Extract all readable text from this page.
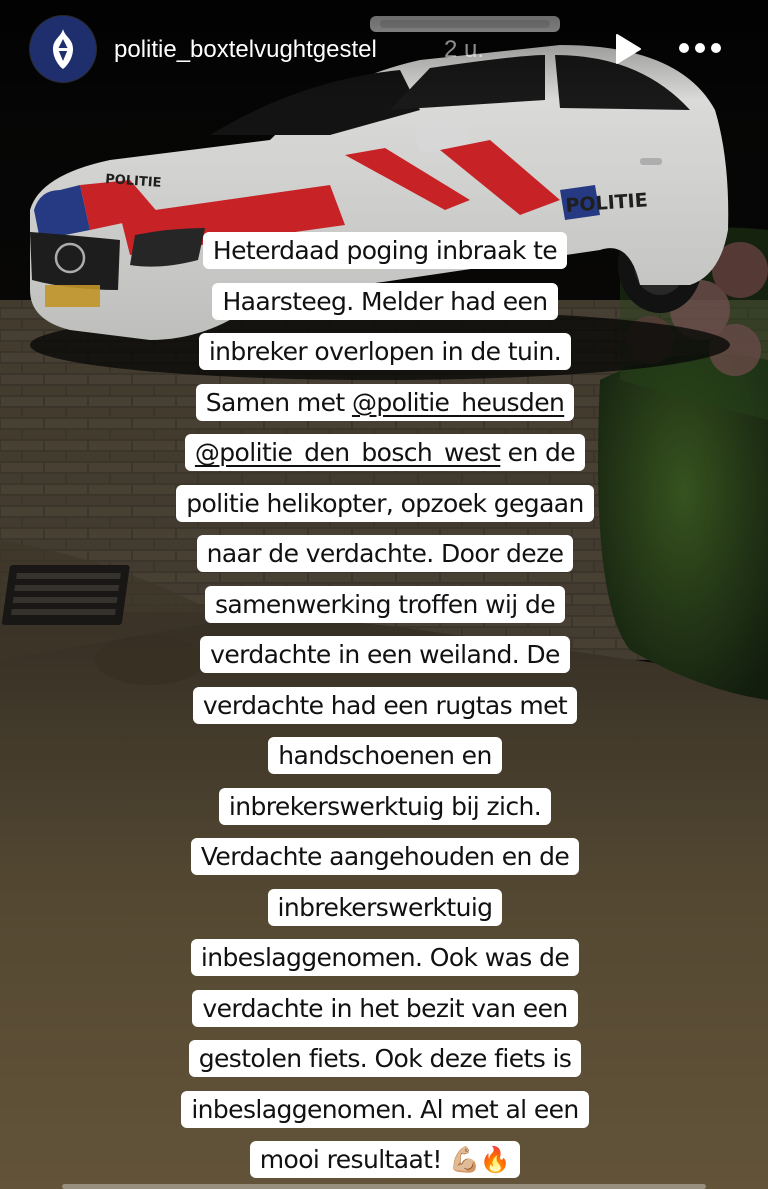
POLITIE
POLITIE
politie_boxtelvughtgestel	2 u.
Heterdaad poging inbraak te
Haarsteeg. Melder had een
inbreker overlopen in de tuin.
Samen met @politie_heusden
@politie_den_bosch_west en de
politie helikopter, opzoek gegaan
naar de verdachte. Door deze
samenwerking troffen wij de
verdachte in een weiland. De
verdachte had een rugtas met
handschoenen en
inbrekerswerktuig bij zich.
Verdachte aangehouden en de
inbrekerswerktuig
inbeslaggenomen. Ook was de
verdachte in het bezit van een
gestolen fiets. Ook deze fiets is
inbeslaggenomen. Al met al een
mooi resultaat! 💪🏼🔥
